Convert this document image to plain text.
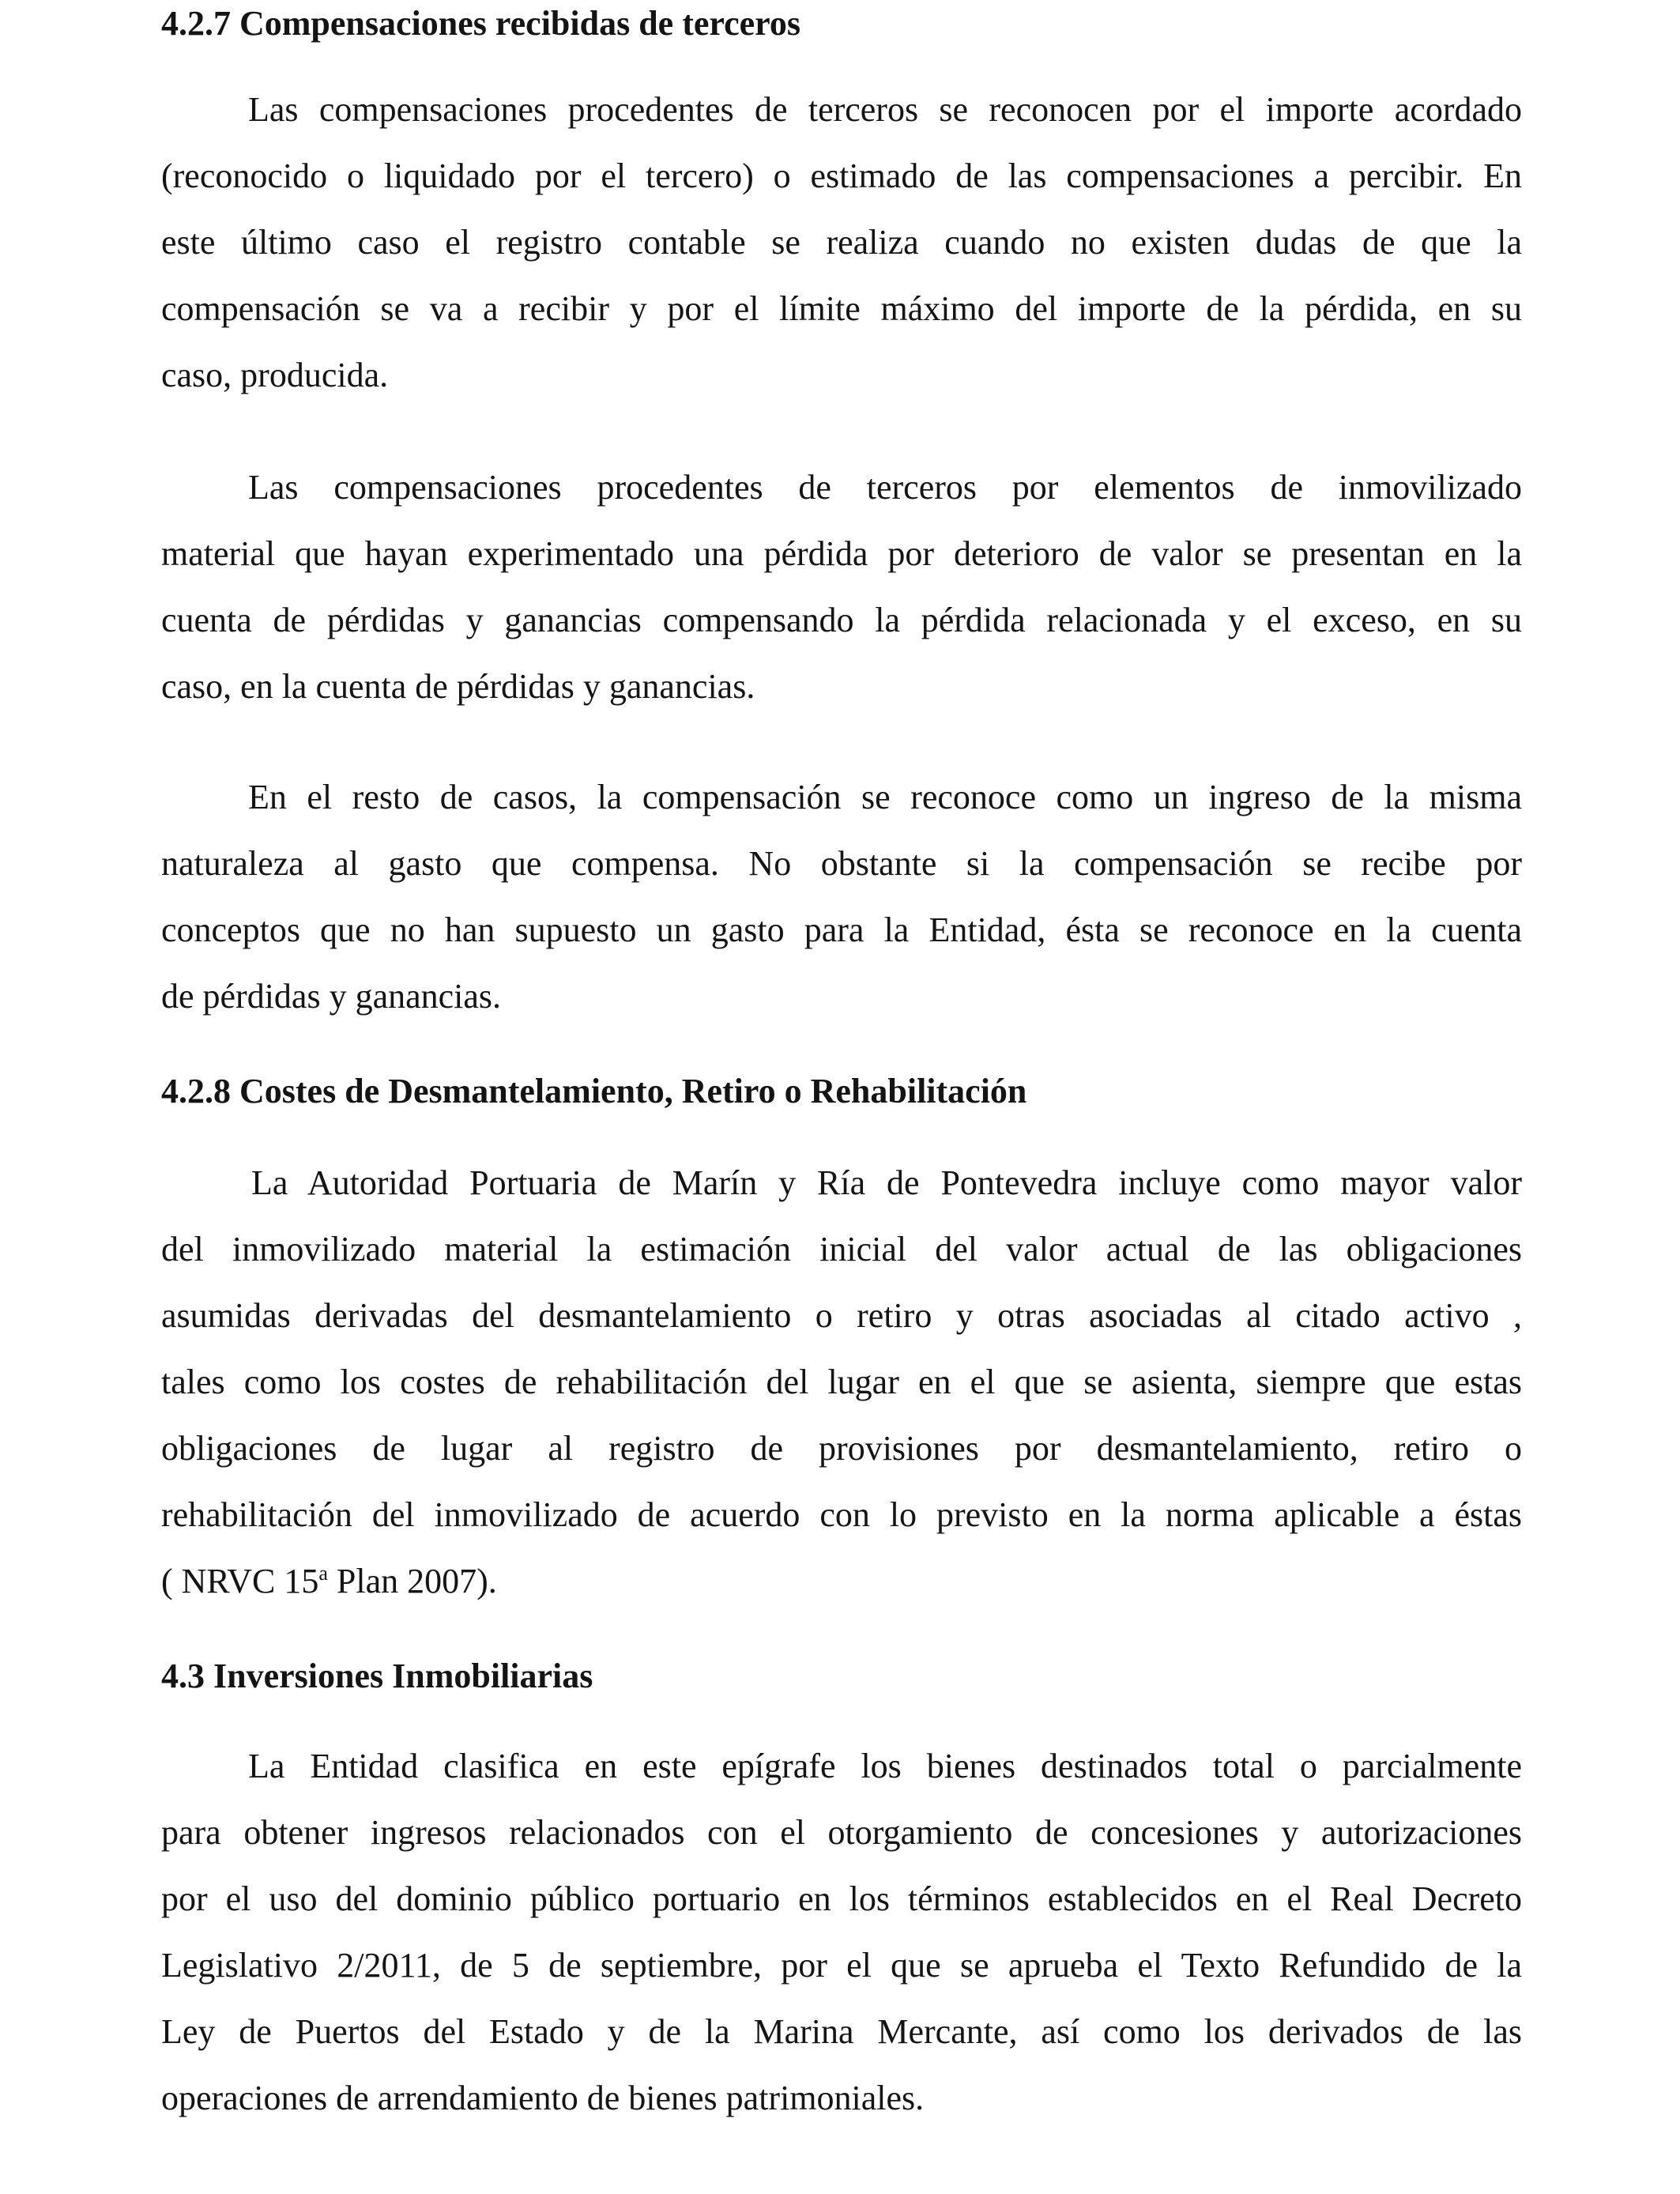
4.2.7 Compensaciones recibidas de terceros

Las compensaciones procedentes de terceros se reconocen por el importe acordado
(reconocido o liquidado por el tercero) o estimado de las compensaciones a percibir. En
este último caso el registro contable se realiza cuando no existen dudas de que la
compensación se va a recibir y por el límite máximo del importe de la pérdida, en su
caso, producida.

Las compensaciones procedentes de terceros por elementos de inmovilizado
material que hayan experimentado una pérdida por deterioro de valor se presentan en la
cuenta de pérdidas y ganancias compensando la pérdida relacionada y el exceso, en su
caso, en la cuenta de pérdidas y ganancias.

En el resto de casos, la compensación se reconoce como un ingreso de la misma
naturaleza al gasto que compensa. No obstante si la compensación se recibe por
conceptos que no han supuesto un gasto para la Entidad, ésta se reconoce en la cuenta
de pérdidas y ganancias.

4.2.8 Costes de Desmantelamiento, Retiro o Rehabilitación

La Autoridad Portuaria de Marín y Ría de Pontevedra incluye como mayor valor
del inmovilizado material la estimación inicial del valor actual de las obligaciones
asumidas derivadas del desmantelamiento o retiro y otras asociadas al citado activo ,
tales como los costes de rehabilitación del lugar en el que se asienta, siempre que estas
obligaciones de lugar al registro de provisiones por desmantelamiento, retiro o
rehabilitación del inmovilizado de acuerdo con lo previsto en la norma aplicable a éstas
( NRVC 15$^a$ Plan 2007).

4.3 Inversiones Inmobiliarias

La Entidad clasifica en este epígrafe los bienes destinados total o parcialmente
para obtener ingresos relacionados con el otorgamiento de concesiones y autorizaciones
por el uso del dominio público portuario en los términos establecidos en el Real Decreto
Legislativo 2/2011, de 5 de septiembre, por el que se aprueba el Texto Refundido de la
Ley de Puertos del Estado y de la Marina Mercante, así como los derivados de las
operaciones de arrendamiento de bienes patrimoniales.
